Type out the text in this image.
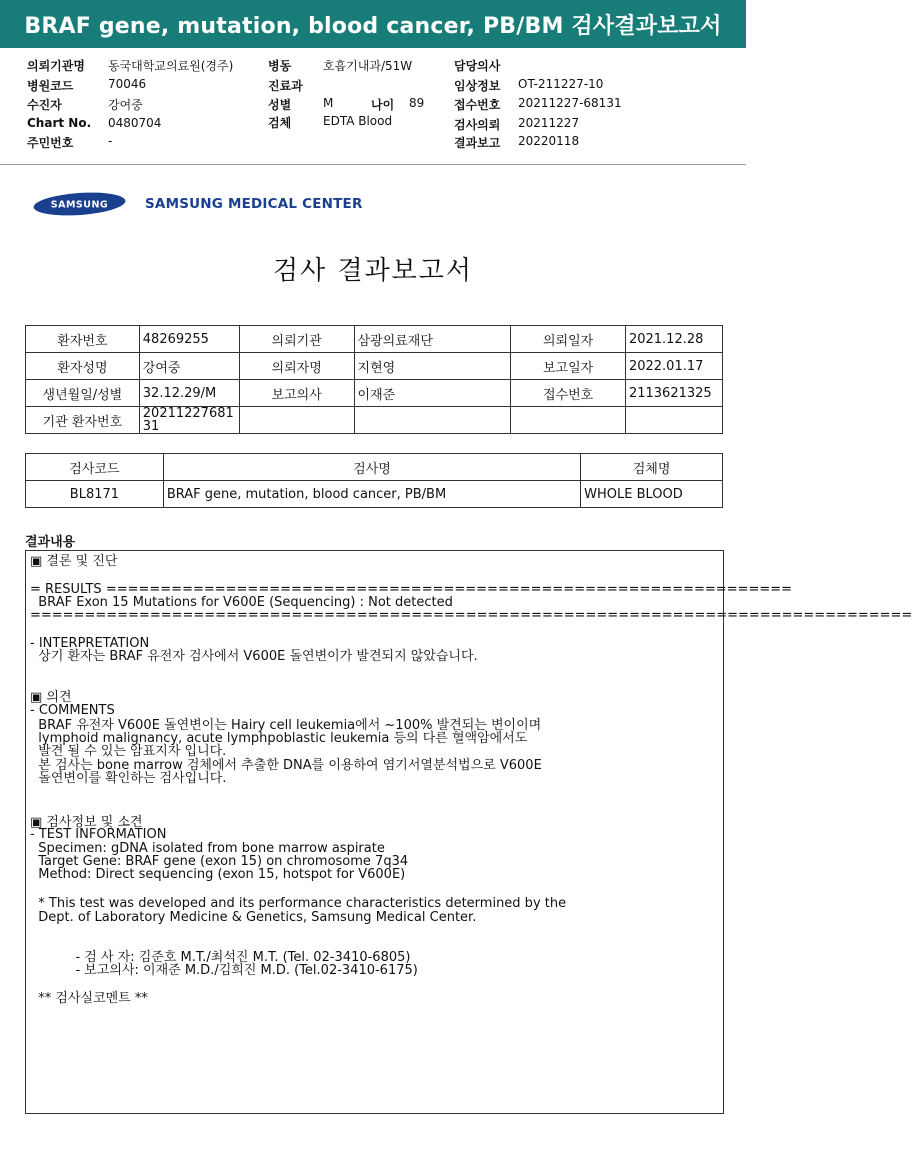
BRAF gene, mutation, blood cancer, PB/BM 검사결과보고서
의뢰기관명 동국대학교의료원(경주)
병원코드	70046
수진자	강여중
Chart No. 0480704
주민번호	-
병동	호흡기내과/51W
진료과
성별	M	나이 89
검체	EDTA Blood
담당의사
임상정보 OT-211227-10
접수번호 20211227-68131
검사의뢰 20211227
결과보고 20220118
SAMSUNG	SAMSUNG MEDICAL CENTER
검사 결과보고서
환자번호	48269255	의뢰기관	삼광의료재단	의뢰일자	2021.12.28
환자성명	강여중	의뢰자명	지현영	보고일자	2022.01.17
생년월일/성별	32.12.29/M	보고의사	이재준	접수번호	2113621325
기관 환자번호	20211227681
31				
검사코드	검사명	검체명
BL8171	BRAF gene, mutation, blood cancer, PB/BM	WHOLE BLOOD
결과내용
▣ 결론 및 진단
= RESULTS ===============================================================
BRAF Exon 15 Mutations for V600E (Sequencing) : Not detected
=================================================================================
- INTERPRETATION
상기 환자는 BRAF 유전자 검사에서 V600E 돌연변이가 발견되지 않았습니다.
▣ 의견
- COMMENTS
BRAF 유전자 V600E 돌연변이는 Hairy cell leukemia에서 ~100% 발견되는 변이이며
lymphoid malignancy, acute lymphpoblastic leukemia 등의 다른 혈액암에서도
발견 될 수 있는 암표지자 입니다.
본 검사는 bone marrow 검체에서 추출한 DNA를 이용하여 염기서열분석법으로 V600E
돌연변이를 확인하는 검사입니다.
▣ 검사정보 및 소견
- TEST INFORMATION
Specimen: gDNA isolated from bone marrow aspirate
Target Gene: BRAF gene (exon 15) on chromosome 7q34
Method: Direct sequencing (exon 15, hotspot for V600E)
* This test was developed and its performance characteristics determined by the
Dept. of Laboratory Medicine & Genetics, Samsung Medical Center.
- 검 사 자: 김준호 M.T./최석진 M.T. (Tel. 02-3410-6805)
- 보고의사: 이재준 M.D./김희진 M.D. (Tel.02-3410-6175)
** 검사실코멘트 **
